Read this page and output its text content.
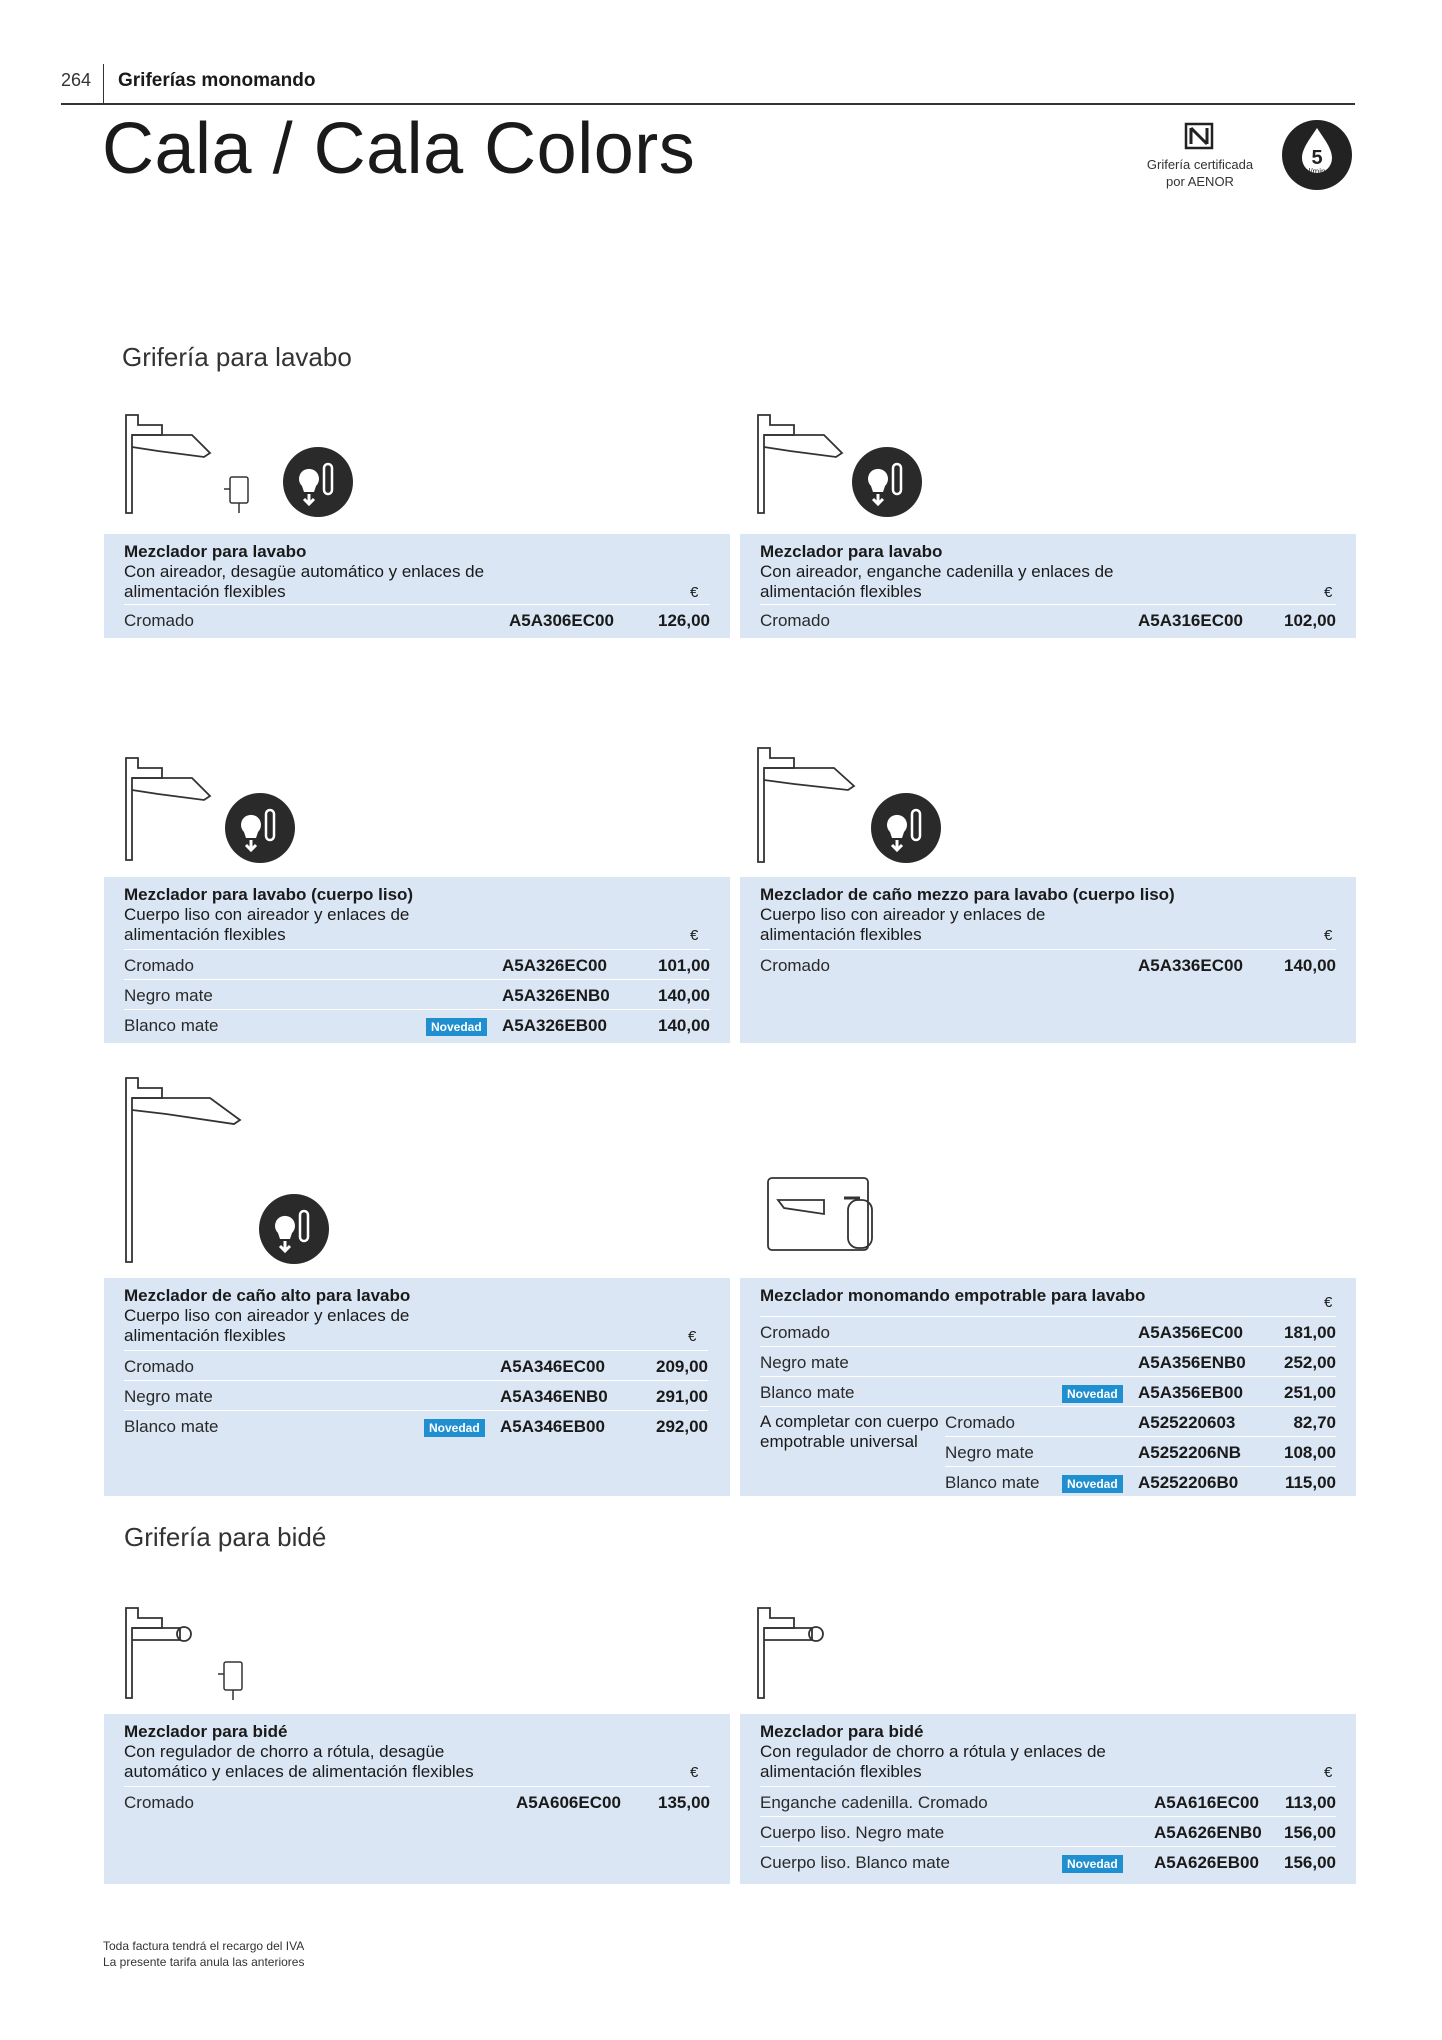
264 Griferías monomando
Cala / Cala Colors	Grifería certificada
por AENOR
5
l/min
Grifería para lavabo
Grifería para bidé
Mezclador para lavabo
Con aireador, desagüe automático y enlaces de
alimentación flexibles	€
Cromado	A5A306EC00	126,00
Mezclador para lavabo
Con aireador, enganche cadenilla y enlaces de
alimentación flexibles	€
Cromado	A5A316EC00 102,00
Mezclador para lavabo (cuerpo liso)
Cuerpo liso con aireador y enlaces de
alimentación flexibles	€
Cromado	A5A326EC00	101,00
Negro mate	A5A326ENB0	140,00
Blanco mate	Novedad A5A326EB00	140,00
Mezclador de caño mezzo para lavabo (cuerpo liso)
Cuerpo liso con aireador y enlaces de
alimentación flexibles	€
Cromado	A5A336EC00 140,00
Mezclador de caño alto para lavabo
Cuerpo liso con aireador y enlaces de
alimentación flexibles	€
Cromado	A5A346EC00	209,00
Negro mate	A5A346ENB0	291,00
Blanco mate	Novedad A5A346EB00	292,00
Mezclador monomando empotrable para lavabo	€
Cromado	A5A356EC00 181,00
Negro mate	A5A356ENB0 252,00
Blanco mate	Novedad A5A356EB00 251,00
A completar con cuerpo
empotrable universal
Cromado	A525220603	82,70
Negro mate	A5252206NB	108,00
Blanco mate	Novedad A5252206B0	115,00
Mezclador para bidé
Con regulador de chorro a rótula, desagüe
automático y enlaces de alimentación flexibles	€
Cromado	A5A606EC00 135,00
Mezclador para bidé
Con regulador de chorro a rótula y enlaces de
alimentación flexibles	€
Enganche cadenilla. Cromado	A5A616EC00 113,00
Cuerpo liso. Negro mate	A5A626ENB0 156,00
Cuerpo liso. Blanco mate	Novedad A5A626EB00 156,00
Toda factura tendrá el recargo del IVA
La presente tarifa anula las anteriores
